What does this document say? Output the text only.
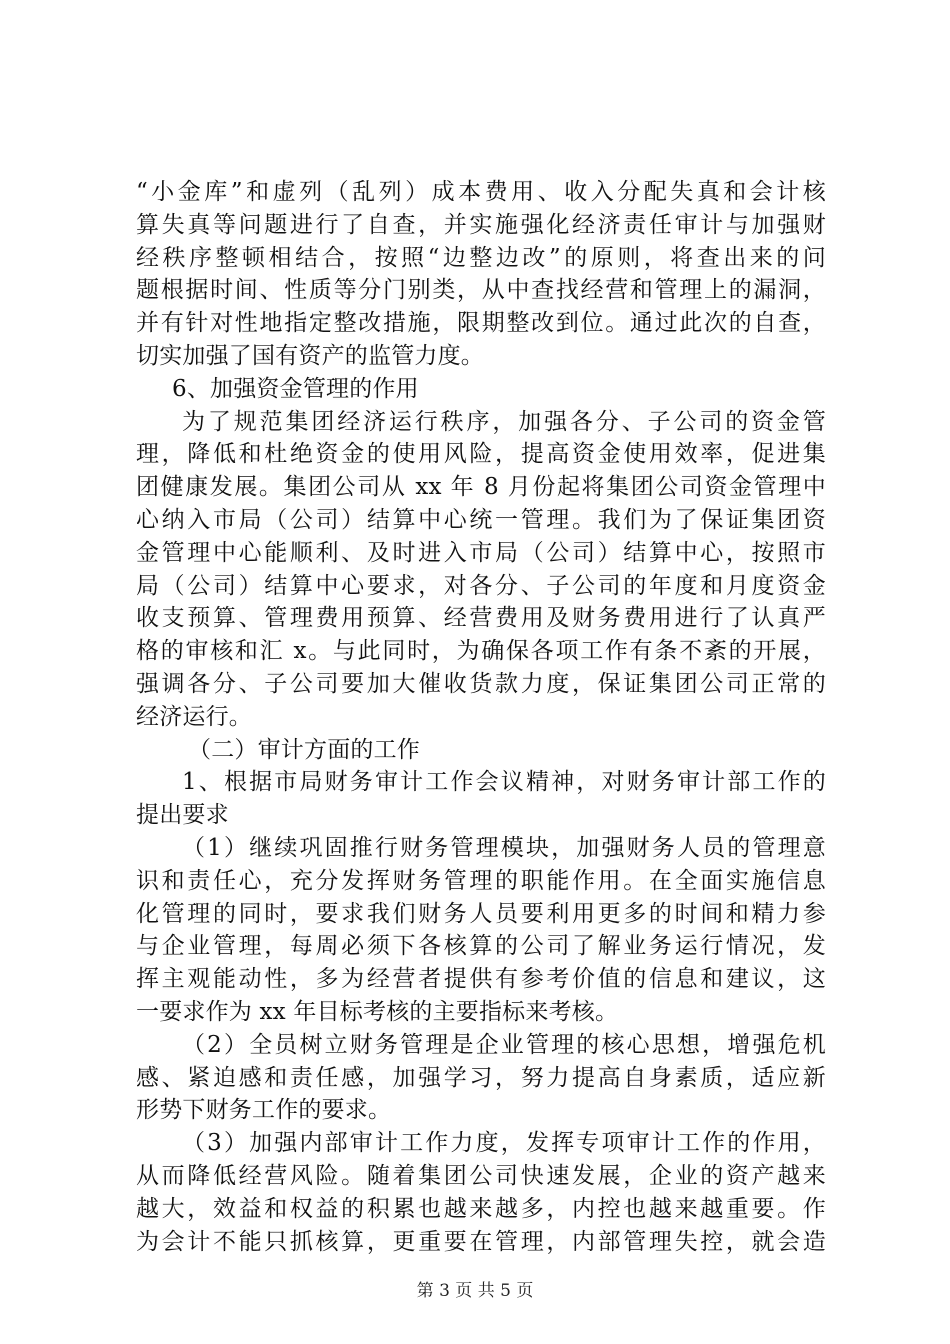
“小金库”和虚列（乱列）成本费用、收入分配失真和会计核
算失真等问题进行了自查，并实施强化经济责任审计与加强财
经秩序整顿相结合，按照“边整边改”的原则，将查出来的问
题根据时间、性质等分门别类，从中查找经营和管理上的漏洞，
并有针对性地指定整改措施，限期整改到位。通过此次的自查，
切实加强了国有资产的监管力度。
6、加强资金管理的作用
为了规范集团经济运行秩序，加强各分、子公司的资金管
理，降低和杜绝资金的使用风险，提高资金使用效率，促进集
团健康发展。集团公司从 xx 年 8 月份起将集团公司资金管理中
心纳入市局（公司）结算中心统一管理。我们为了保证集团资
金管理中心能顺利、及时进入市局（公司）结算中心，按照市
局（公司）结算中心要求，对各分、子公司的年度和月度资金
收支预算、管理费用预算、经营费用及财务费用进行了认真严
格的审核和汇 x。与此同时，为确保各项工作有条不紊的开展，
强调各分、子公司要加大催收货款力度，保证集团公司正常的
经济运行。
（二）审计方面的工作
1、根据市局财务审计工作会议精神，对财务审计部工作的
提出要求
（1）继续巩固推行财务管理模块，加强财务人员的管理意
识和责任心，充分发挥财务管理的职能作用。在全面实施信息
化管理的同时，要求我们财务人员要利用更多的时间和精力参
与企业管理，每周必须下各核算的公司了解业务运行情况，发
挥主观能动性，多为经营者提供有参考价值的信息和建议，这
一要求作为 xx 年目标考核的主要指标来考核。
（2）全员树立财务管理是企业管理的核心思想，增强危机
感、紧迫感和责任感，加强学习，努力提高自身素质，适应新
形势下财务工作的要求。
（3）加强内部审计工作力度，发挥专项审计工作的作用，
从而降低经营风险。随着集团公司快速发展，企业的资产越来
越大，效益和权益的积累也越来越多，内控也越来越重要。作
为会计不能只抓核算，更重要在管理，内部管理失控，就会造
第 3 页 共 5 页
